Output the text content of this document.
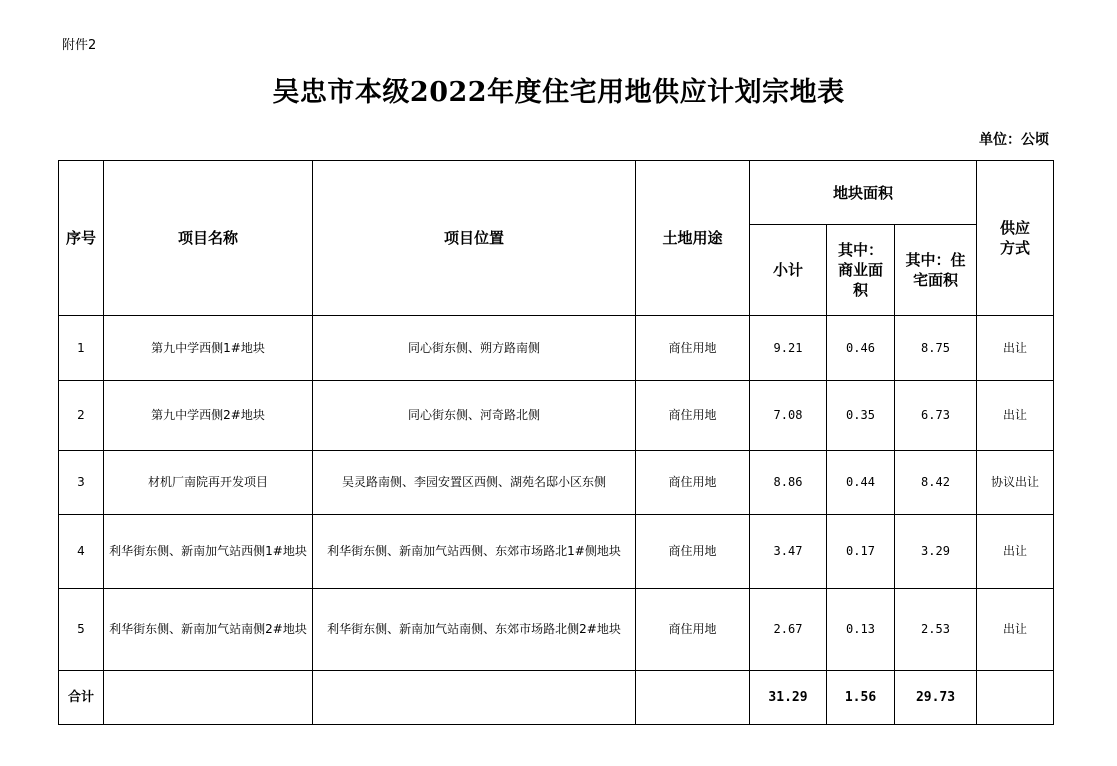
附件2
吴忠市本级2022年度住宅用地供应计划宗地表
单位：公顷
序号	项目名称	项目位置	土地用途	地块面积			供应方式

				小计	其中：商业面积	其中：住宅面积	

1	第九中学西侧1#地块	同心街东侧、朔方路南侧	商住用地	9.21	0.46	8.75	出让
2	第九中学西侧2#地块	同心街东侧、河奇路北侧	商住用地	7.08	0.35	6.73	出让
3	材机厂南院再开发项目	吴灵路南侧、李园安置区西侧、湖苑名邸小区东侧	商住用地	8.86	0.44	8.42	协议出让
4	利华街东侧、新南加气站西侧1#地块	利华街东侧、新南加气站西侧、东郊市场路北1#侧地块	商住用地	3.47	0.17	3.29	出让
5	利华街东侧、新南加气站南侧2#地块	利华街东侧、新南加气站南侧、东郊市场路北侧2#地块	商住用地	2.67	0.13	2.53	出让
合计				31.29	1.56	29.73	
